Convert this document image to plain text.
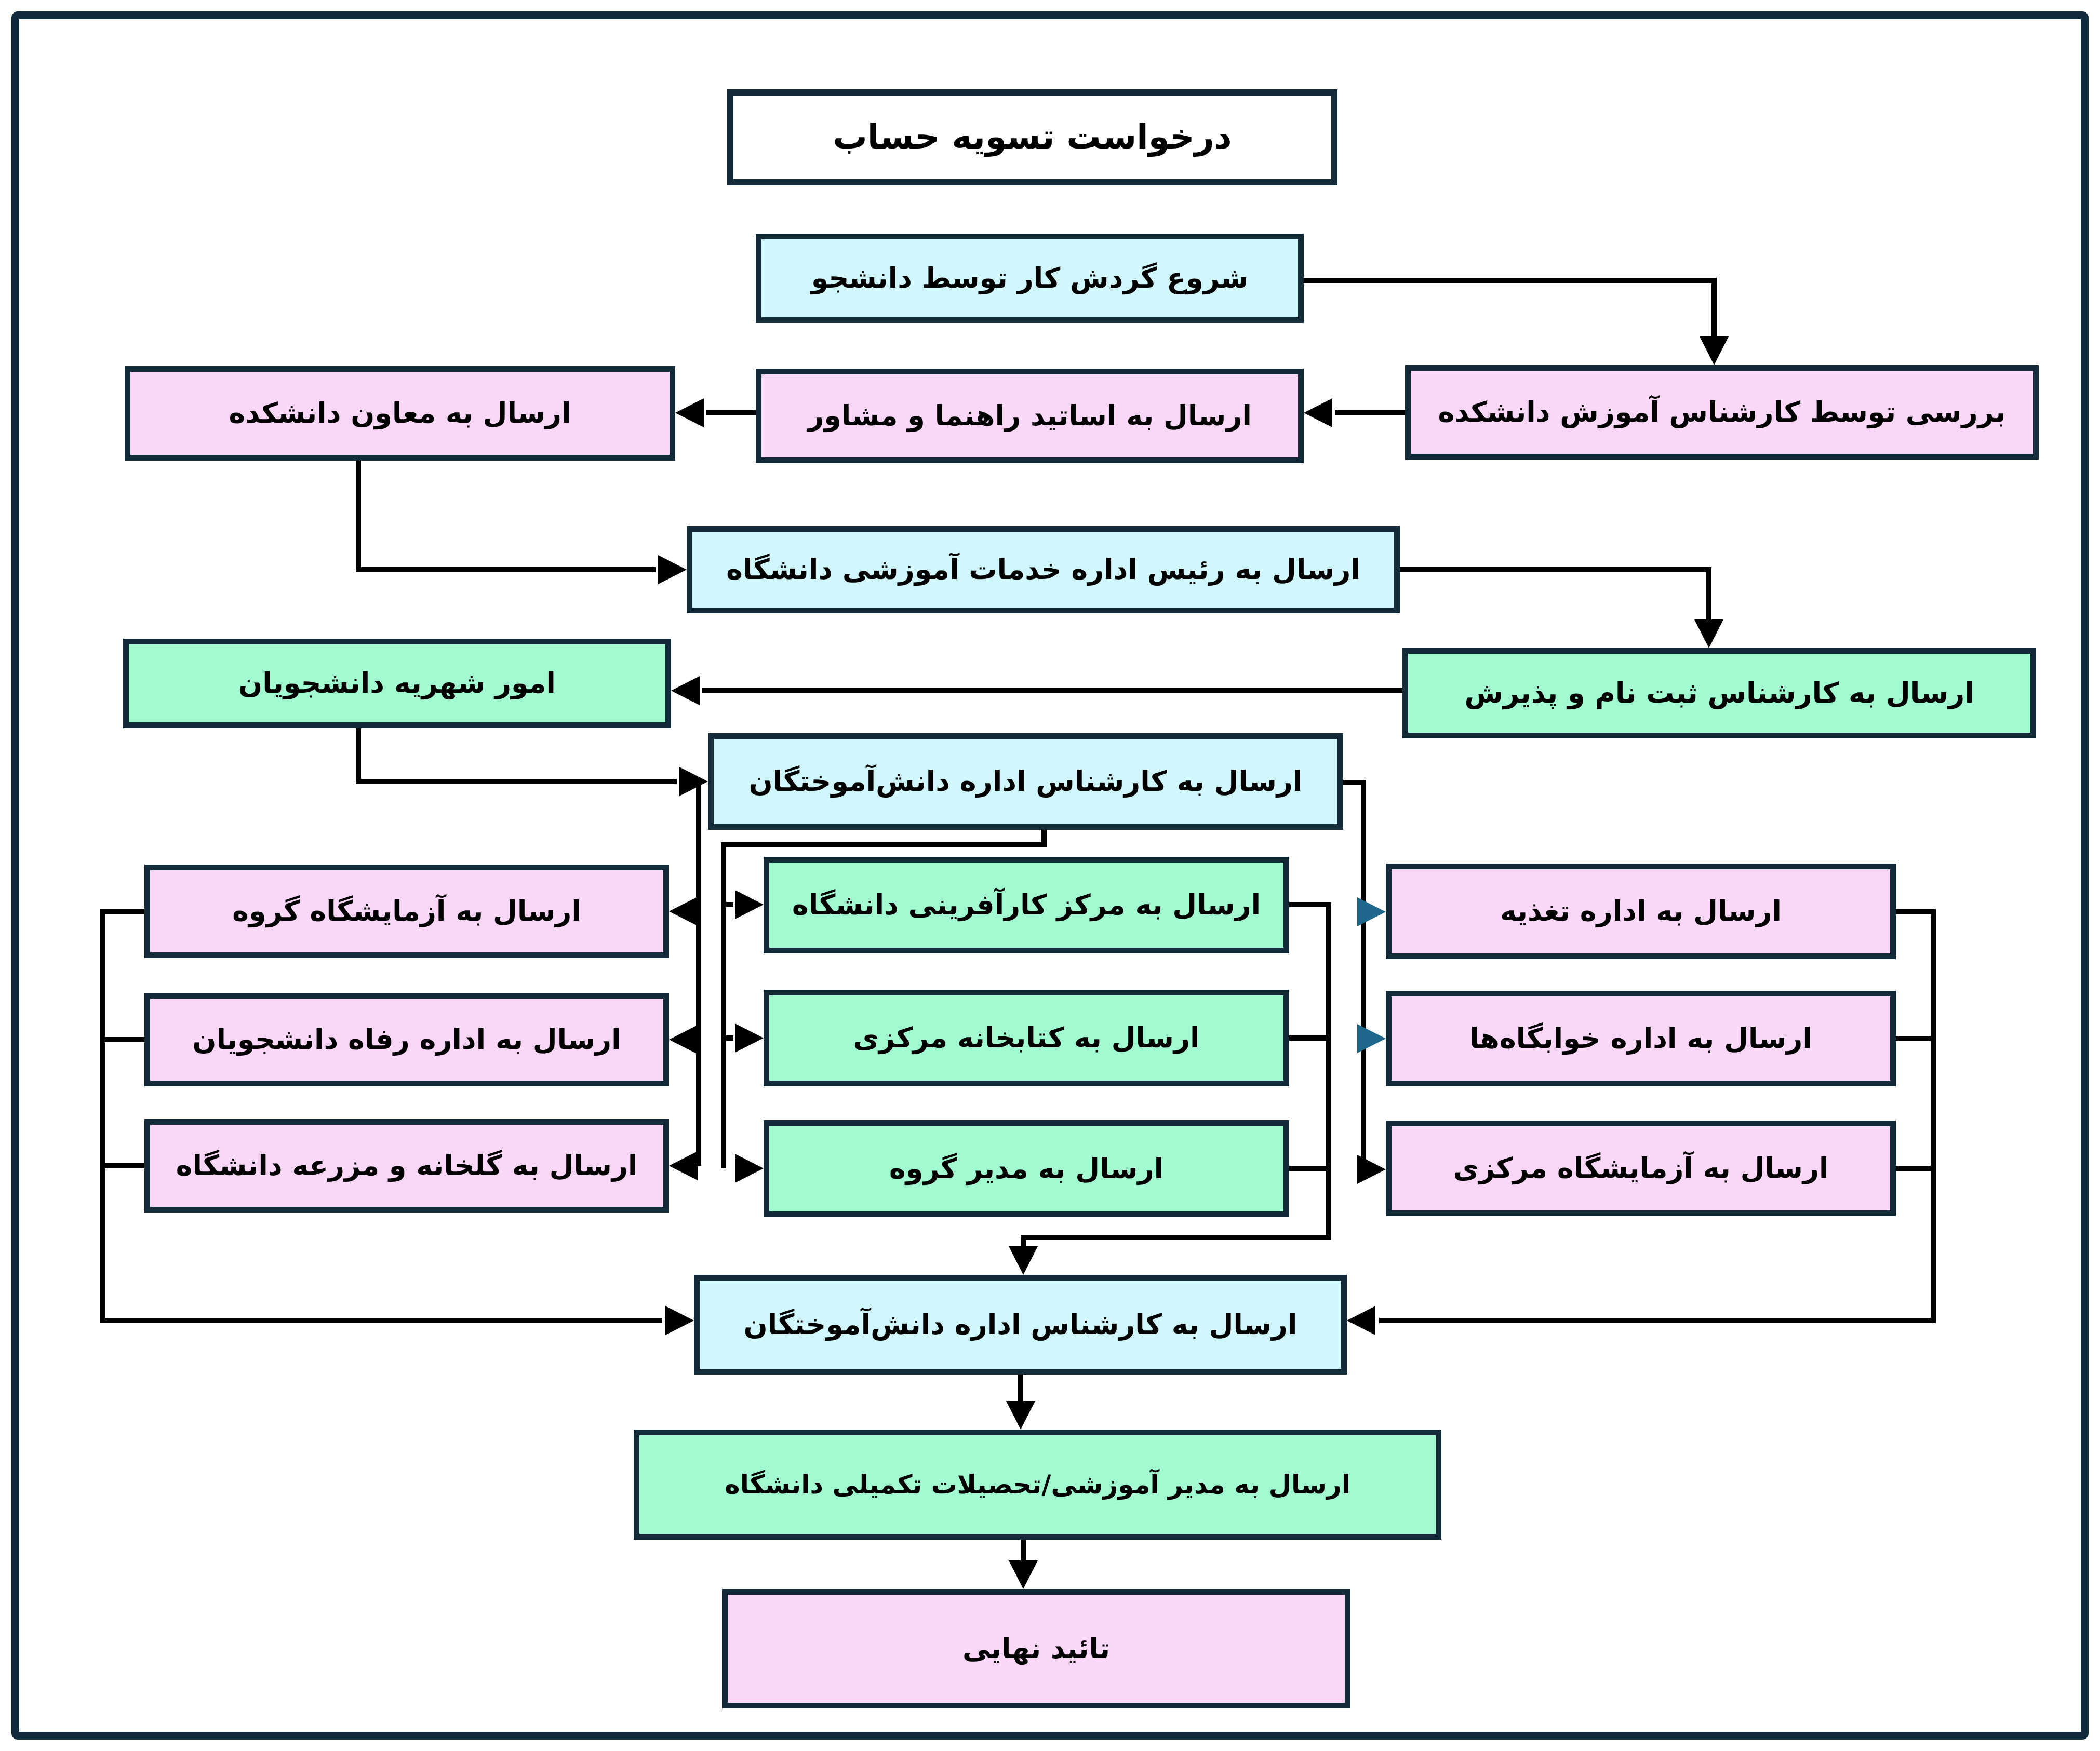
درخواست تسویه حساب
شروع گردش کار توسط دانشجو
بررسی توسط کارشناس آموزش دانشکده
ارسال به اساتید راهنما و مشاور
ارسال به معاون دانشکده
ارسال به رئیس اداره خدمات آموزشی دانشگاه
امور شهریه دانشجویان	ارسال به کارشناس ثبت نام و پذیرش
ارسال به کارشناس اداره دانش‌آموختگان
ارسال به آزمایشگاه گروه
ارسال به اداره رفاه دانشجویان
ارسال به گلخانه و مزرعه دانشگاه
ارسال به مرکز کارآفرینی دانشگاه
ارسال به کتابخانه مرکزی
ارسال به مدیر گروه
ارسال به اداره تغذیه
ارسال به اداره خوابگاه‌ها
ارسال به آزمایشگاه مرکزی
ارسال به کارشناس اداره دانش‌آموختگان
ارسال به مدیر آموزشی/تحصیلات تکمیلی دانشگاه
تائید نهایی
